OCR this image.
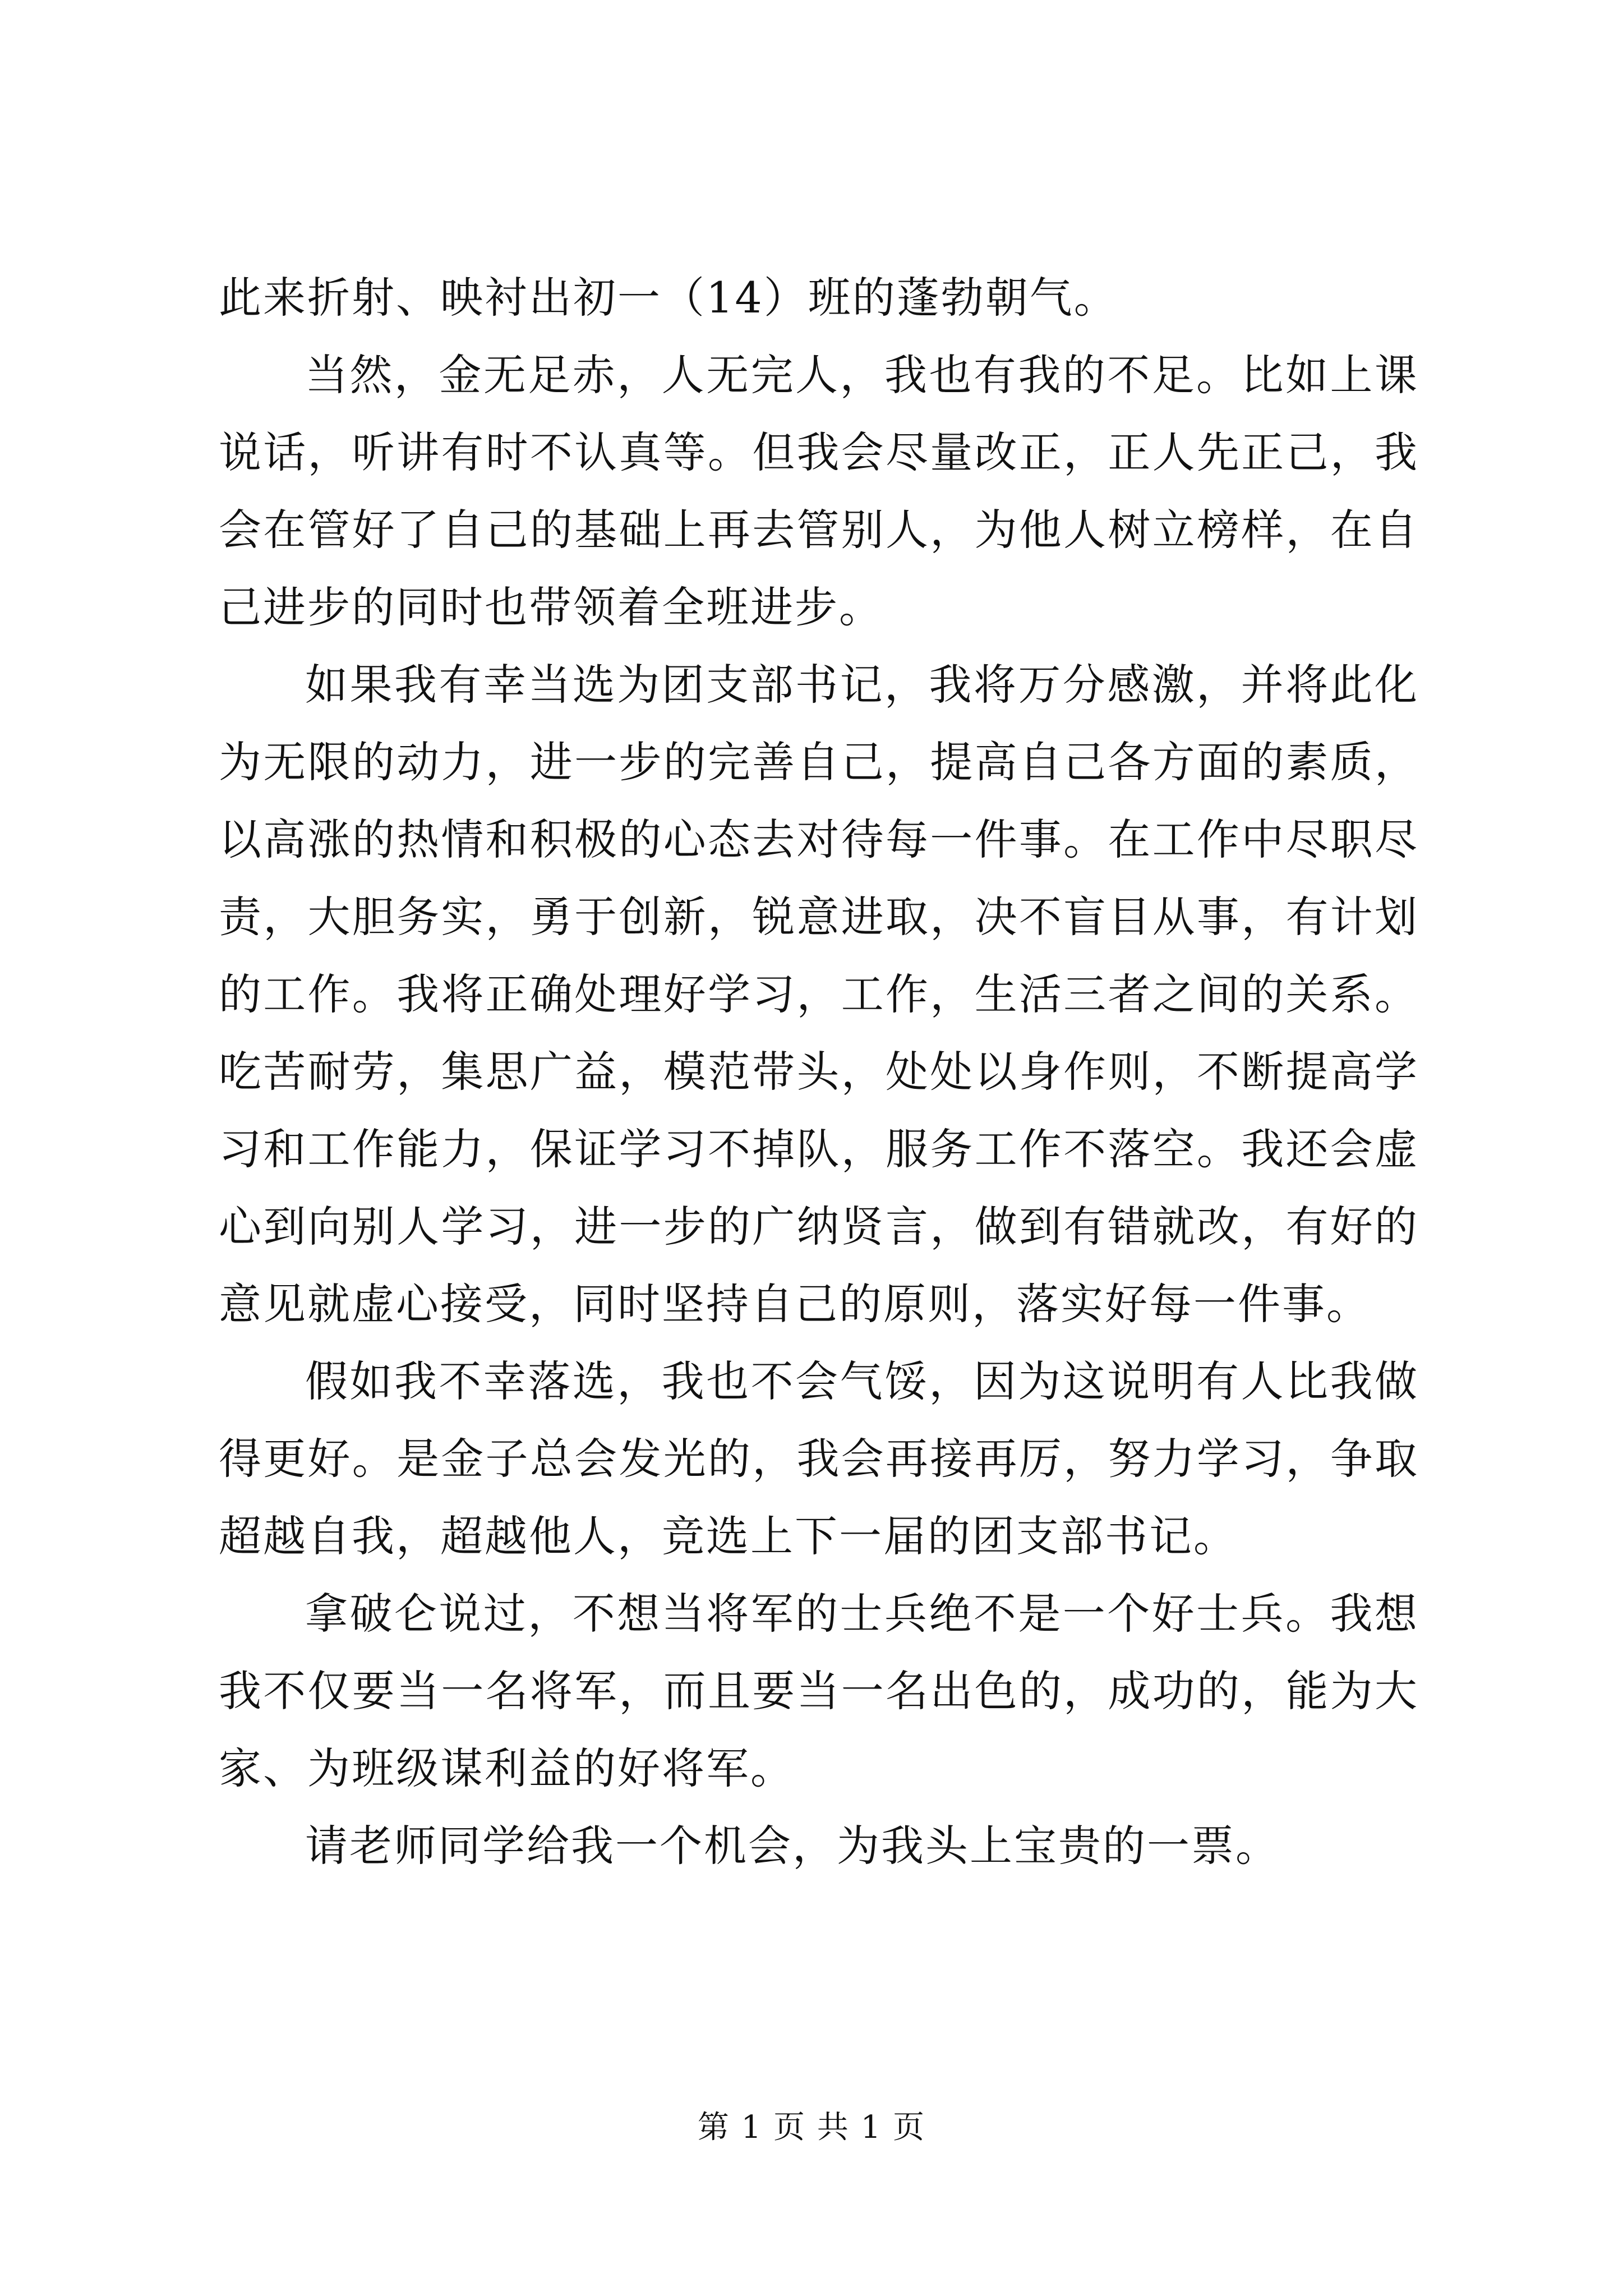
此来折射、映衬出初一（14）班的蓬勃朝气。

当然，金无足赤，人无完人，我也有我的不足。比如上课说话，听讲有时不认真等。但我会尽量改正，正人先正己，我会在管好了自己的基础上再去管别人，为他人树立榜样，在自己进步的同时也带领着全班进步。

如果我有幸当选为团支部书记，我将万分感激，并将此化为无限的动力，进一步的完善自己，提高自己各方面的素质，以高涨的热情和积极的心态去对待每一件事。在工作中尽职尽责，大胆务实，勇于创新，锐意进取，决不盲目从事，有计划的工作。我将正确处理好学习，工作，生活三者之间的关系。吃苦耐劳，集思广益，模范带头，处处以身作则，不断提高学习和工作能力，保证学习不掉队，服务工作不落空。我还会虚心到向别人学习，进一步的广纳贤言，做到有错就改，有好的意见就虚心接受，同时坚持自己的原则，落实好每一件事。

假如我不幸落选，我也不会气馁，因为这说明有人比我做得更好。是金子总会发光的，我会再接再厉，努力学习，争取超越自我，超越他人，竞选上下一届的团支部书记。

拿破仑说过，不想当将军的士兵绝不是一个好士兵。我想我不仅要当一名将军，而且要当一名出色的，成功的，能为大家、为班级谋利益的好将军。

请老师同学给我一个机会，为我头上宝贵的一票。

第 1 页 共 1 页
